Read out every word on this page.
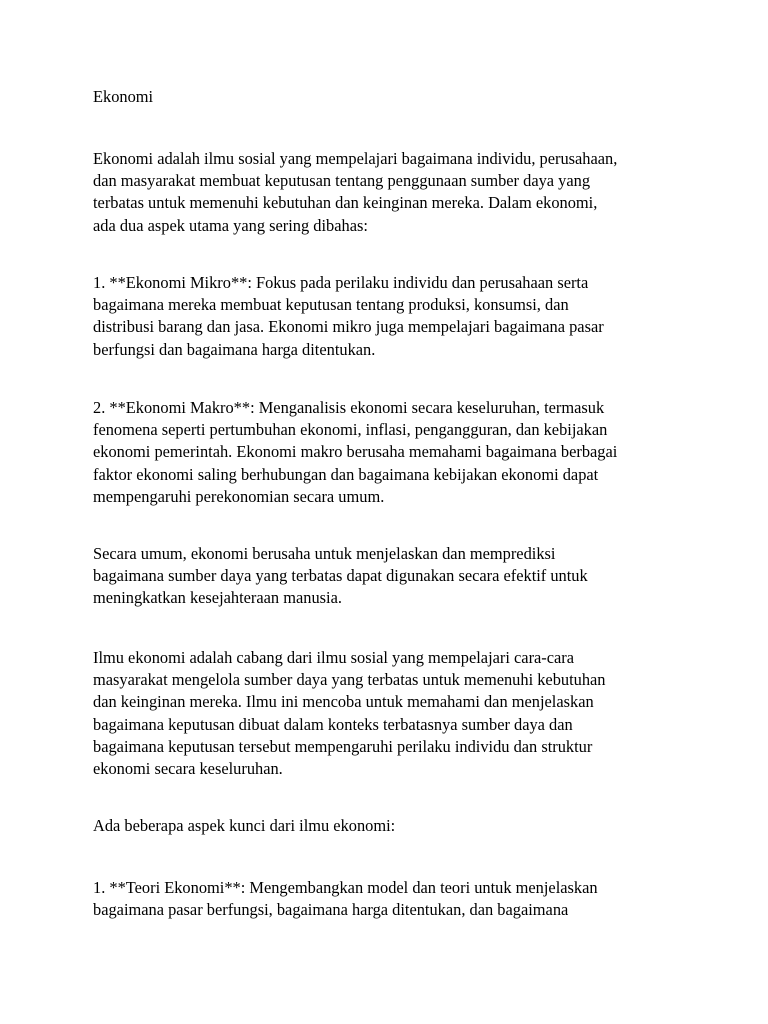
Ekonomi

Ekonomi adalah ilmu sosial yang mempelajari bagaimana individu, perusahaan,
dan masyarakat membuat keputusan tentang penggunaan sumber daya yang
terbatas untuk memenuhi kebutuhan dan keinginan mereka. Dalam ekonomi,
ada dua aspek utama yang sering dibahas:

1. **Ekonomi Mikro**: Fokus pada perilaku individu dan perusahaan serta
bagaimana mereka membuat keputusan tentang produksi, konsumsi, dan
distribusi barang dan jasa. Ekonomi mikro juga mempelajari bagaimana pasar
berfungsi dan bagaimana harga ditentukan.

2. **Ekonomi Makro**: Menganalisis ekonomi secara keseluruhan, termasuk
fenomena seperti pertumbuhan ekonomi, inflasi, pengangguran, dan kebijakan
ekonomi pemerintah. Ekonomi makro berusaha memahami bagaimana berbagai
faktor ekonomi saling berhubungan dan bagaimana kebijakan ekonomi dapat
mempengaruhi perekonomian secara umum.

Secara umum, ekonomi berusaha untuk menjelaskan dan memprediksi
bagaimana sumber daya yang terbatas dapat digunakan secara efektif untuk
meningkatkan kesejahteraan manusia.

Ilmu ekonomi adalah cabang dari ilmu sosial yang mempelajari cara-cara
masyarakat mengelola sumber daya yang terbatas untuk memenuhi kebutuhan
dan keinginan mereka. Ilmu ini mencoba untuk memahami dan menjelaskan
bagaimana keputusan dibuat dalam konteks terbatasnya sumber daya dan
bagaimana keputusan tersebut mempengaruhi perilaku individu dan struktur
ekonomi secara keseluruhan.

Ada beberapa aspek kunci dari ilmu ekonomi:

1. **Teori Ekonomi**: Mengembangkan model dan teori untuk menjelaskan
bagaimana pasar berfungsi, bagaimana harga ditentukan, dan bagaimana
